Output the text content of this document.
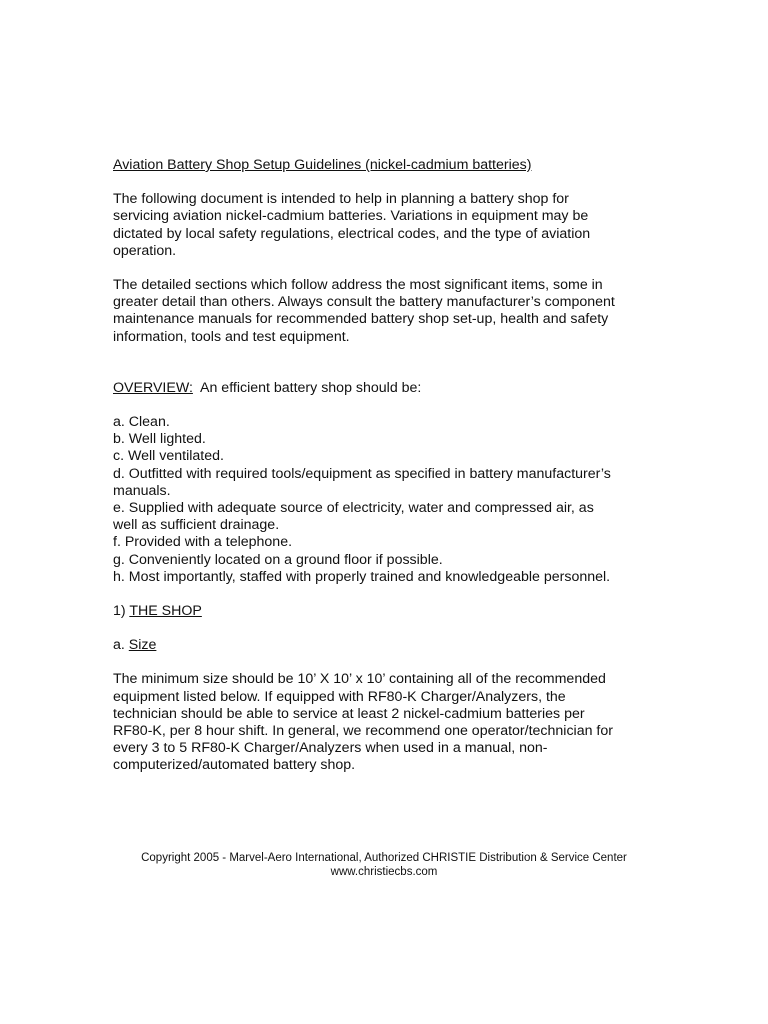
Aviation Battery Shop Setup Guidelines (nickel-cadmium batteries)
The following document is intended to help in planning a battery shop for
servicing aviation nickel-cadmium batteries. Variations in equipment may be
dictated by local safety regulations, electrical codes, and the type of aviation
operation.
The detailed sections which follow address the most significant items, some in
greater detail than others. Always consult the battery manufacturer’s component
maintenance manuals for recommended battery shop set-up, health and safety
information, tools and test equipment.
OVERVIEW:  An efficient battery shop should be:
a. Clean.
b. Well lighted.
c. Well ventilated.
d. Outfitted with required tools/equipment as specified in battery manufacturer’s
manuals.
e. Supplied with adequate source of electricity, water and compressed air, as
well as sufficient drainage.
f. Provided with a telephone.
g. Conveniently located on a ground floor if possible.
h. Most importantly, staffed with properly trained and knowledgeable personnel.
1) THE SHOP
a. Size
The minimum size should be 10’ X 10’ x 10’ containing all of the recommended
equipment listed below. If equipped with RF80-K Charger/Analyzers, the
technician should be able to service at least 2 nickel-cadmium batteries per
RF80-K, per 8 hour shift. In general, we recommend one operator/technician for
every 3 to 5 RF80-K Charger/Analyzers when used in a manual, non-
computerized/automated battery shop.
Copyright 2005 - Marvel-Aero International, Authorized CHRISTIE Distribution & Service Center
www.christiecbs.com
